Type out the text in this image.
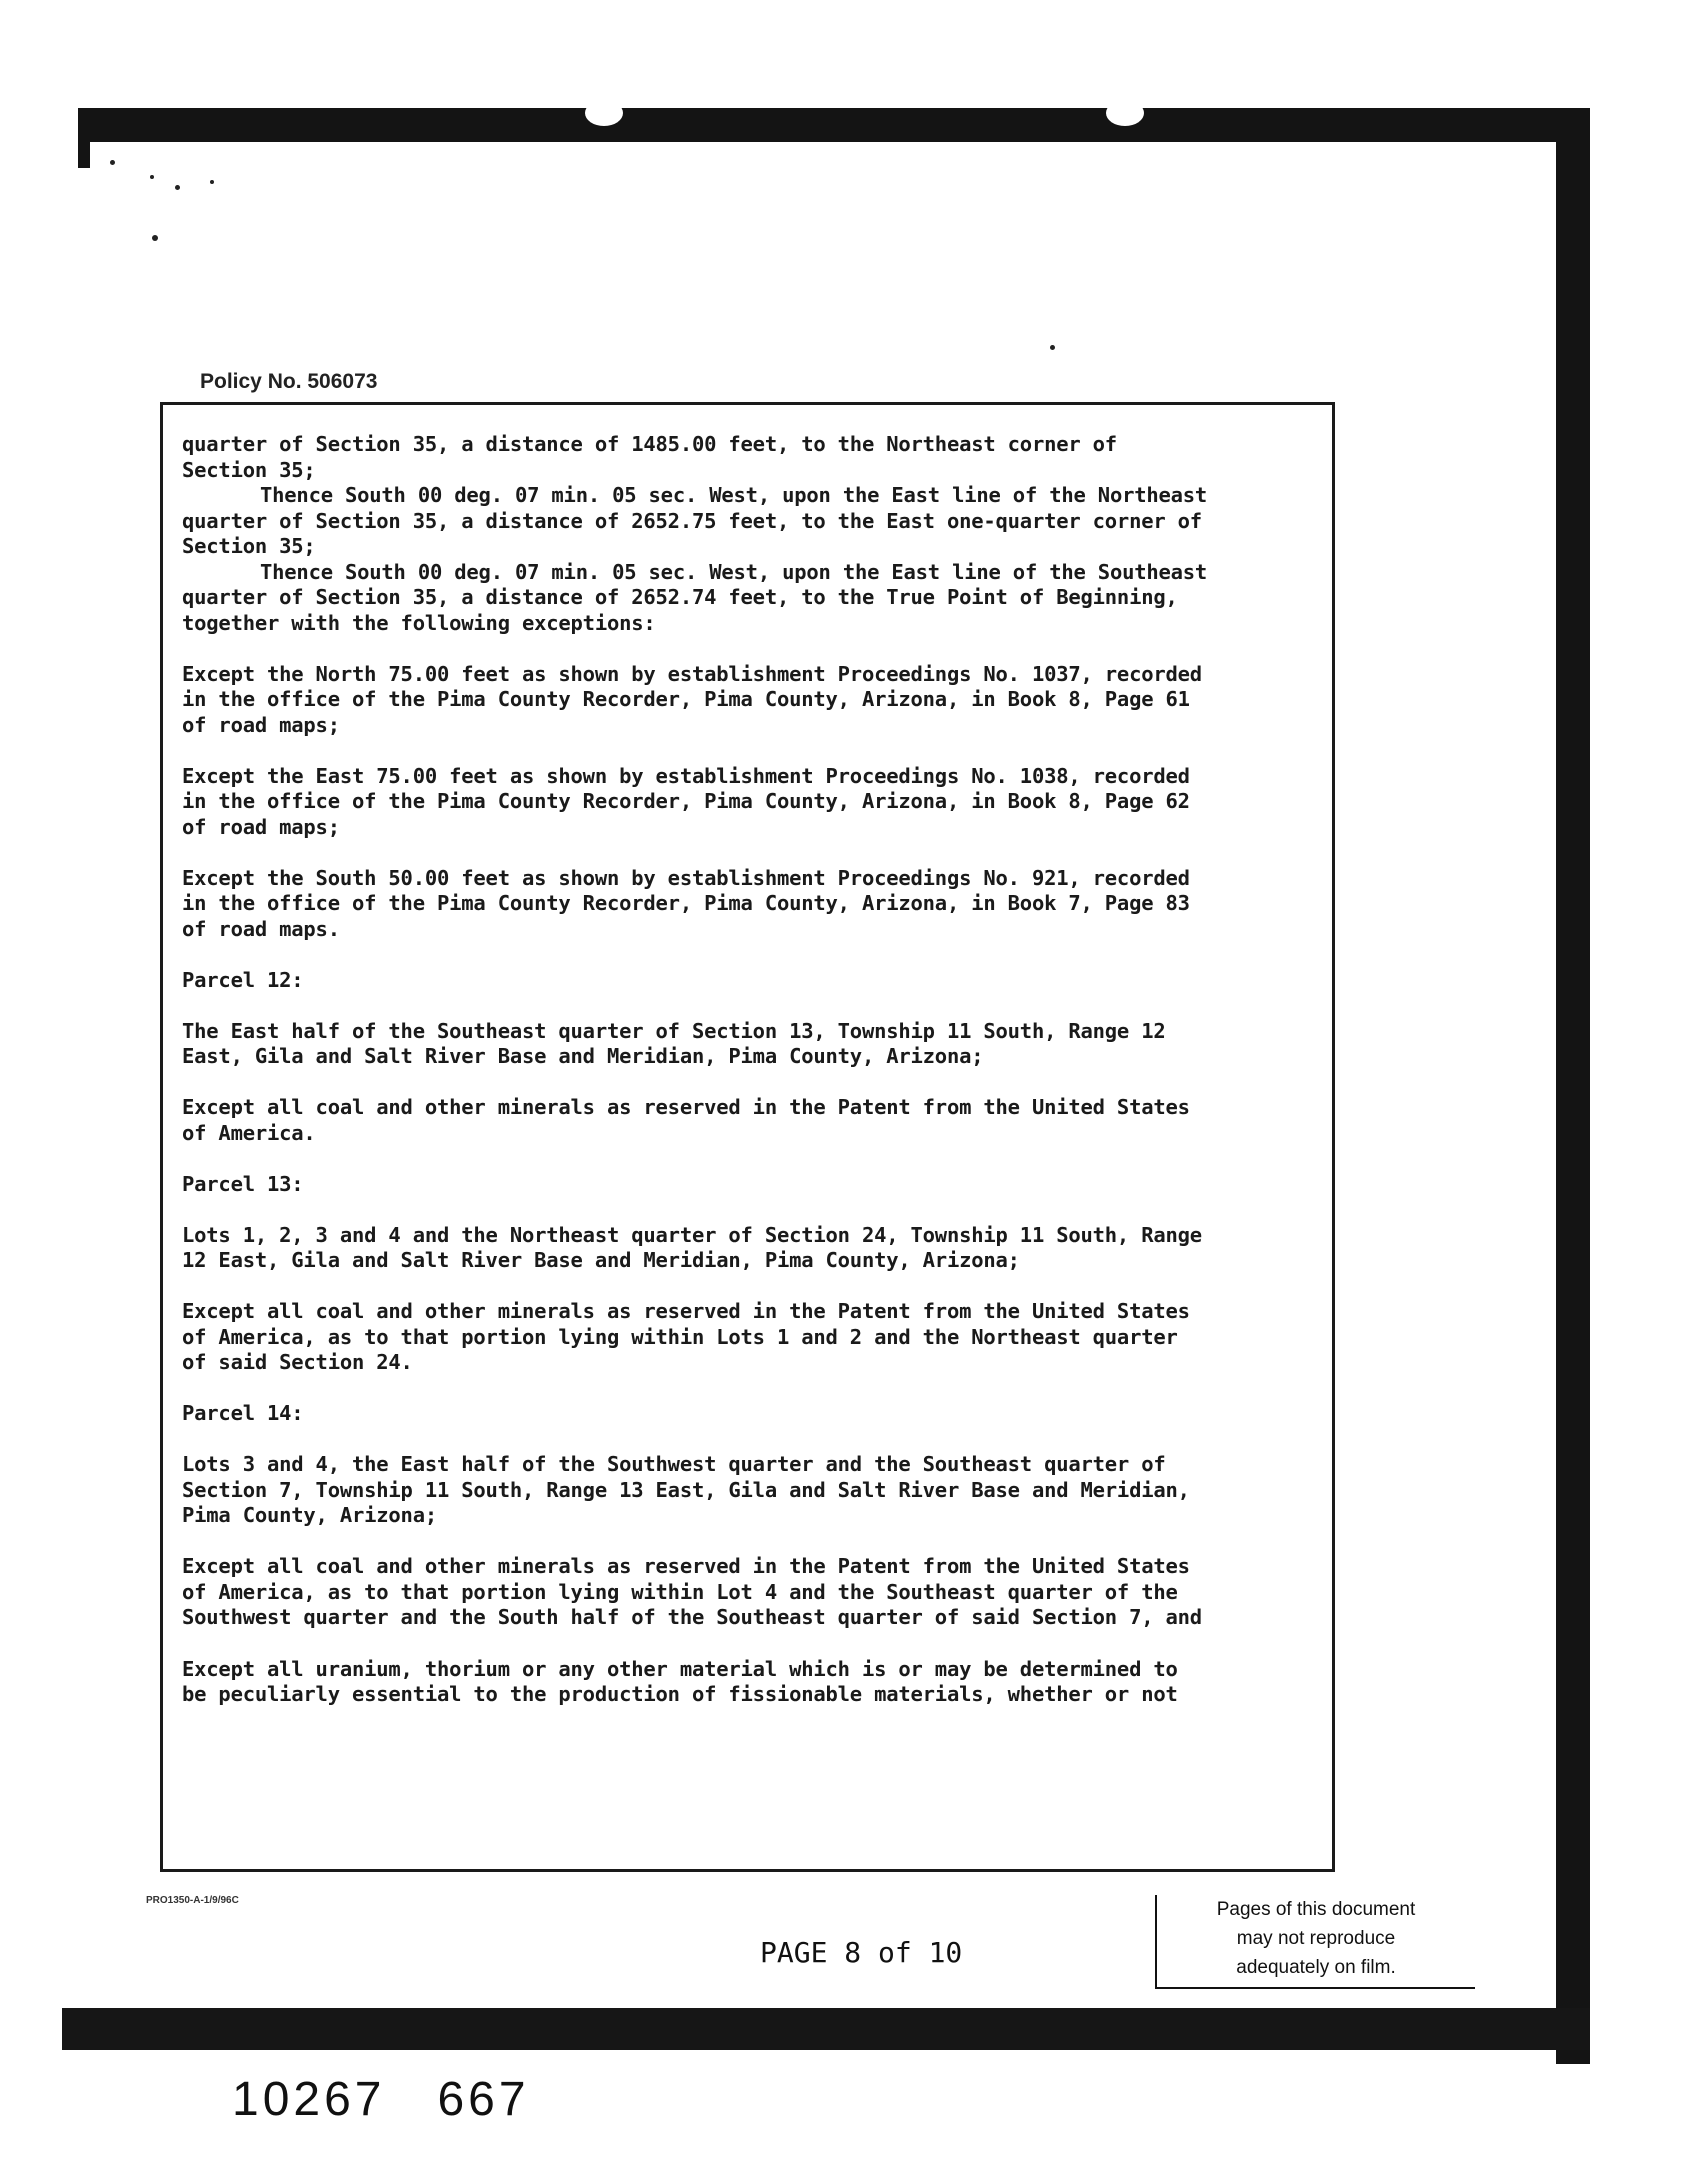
Policy No. 506073
quarter of Section 35, a distance of 1485.00 feet, to the Northeast corner of
Section 35;
Thence South 00 deg. 07 min. 05 sec. West, upon the East line of the Northeast
quarter of Section 35, a distance of 2652.75 feet, to the East one-quarter corner of
Section 35;
Thence South 00 deg. 07 min. 05 sec. West, upon the East line of the Southeast
quarter of Section 35, a distance of 2652.74 feet, to the True Point of Beginning,
together with the following exceptions:
Except the North 75.00 feet as shown by establishment Proceedings No. 1037, recorded
in the office of the Pima County Recorder, Pima County, Arizona, in Book 8, Page 61
of road maps;
Except the East 75.00 feet as shown by establishment Proceedings No. 1038, recorded
in the office of the Pima County Recorder, Pima County, Arizona, in Book 8, Page 62
of road maps;
Except the South 50.00 feet as shown by establishment Proceedings No. 921, recorded
in the office of the Pima County Recorder, Pima County, Arizona, in Book 7, Page 83
of road maps.
Parcel 12:
The East half of the Southeast quarter of Section 13, Township 11 South, Range 12
East, Gila and Salt River Base and Meridian, Pima County, Arizona;
Except all coal and other minerals as reserved in the Patent from the United States
of America.
Parcel 13:
Lots 1, 2, 3 and 4 and the Northeast quarter of Section 24, Township 11 South, Range
12 East, Gila and Salt River Base and Meridian, Pima County, Arizona;
Except all coal and other minerals as reserved in the Patent from the United States
of America, as to that portion lying within Lots 1 and 2 and the Northeast quarter
of said Section 24.
Parcel 14:
Lots 3 and 4, the East half of the Southwest quarter and the Southeast quarter of
Section 7, Township 11 South, Range 13 East, Gila and Salt River Base and Meridian,
Pima County, Arizona;
Except all coal and other minerals as reserved in the Patent from the United States
of America, as to that portion lying within Lot 4 and the Southeast quarter of the
Southwest quarter and the South half of the Southeast quarter of said Section 7, and
Except all uranium, thorium or any other material which is or may be determined to
be peculiarly essential to the production of fissionable materials, whether or not
PRO1350-A-1/9/96C
PAGE 8 of 10
Pages of this document
may not reproduce
adequately on film.
10267   667
